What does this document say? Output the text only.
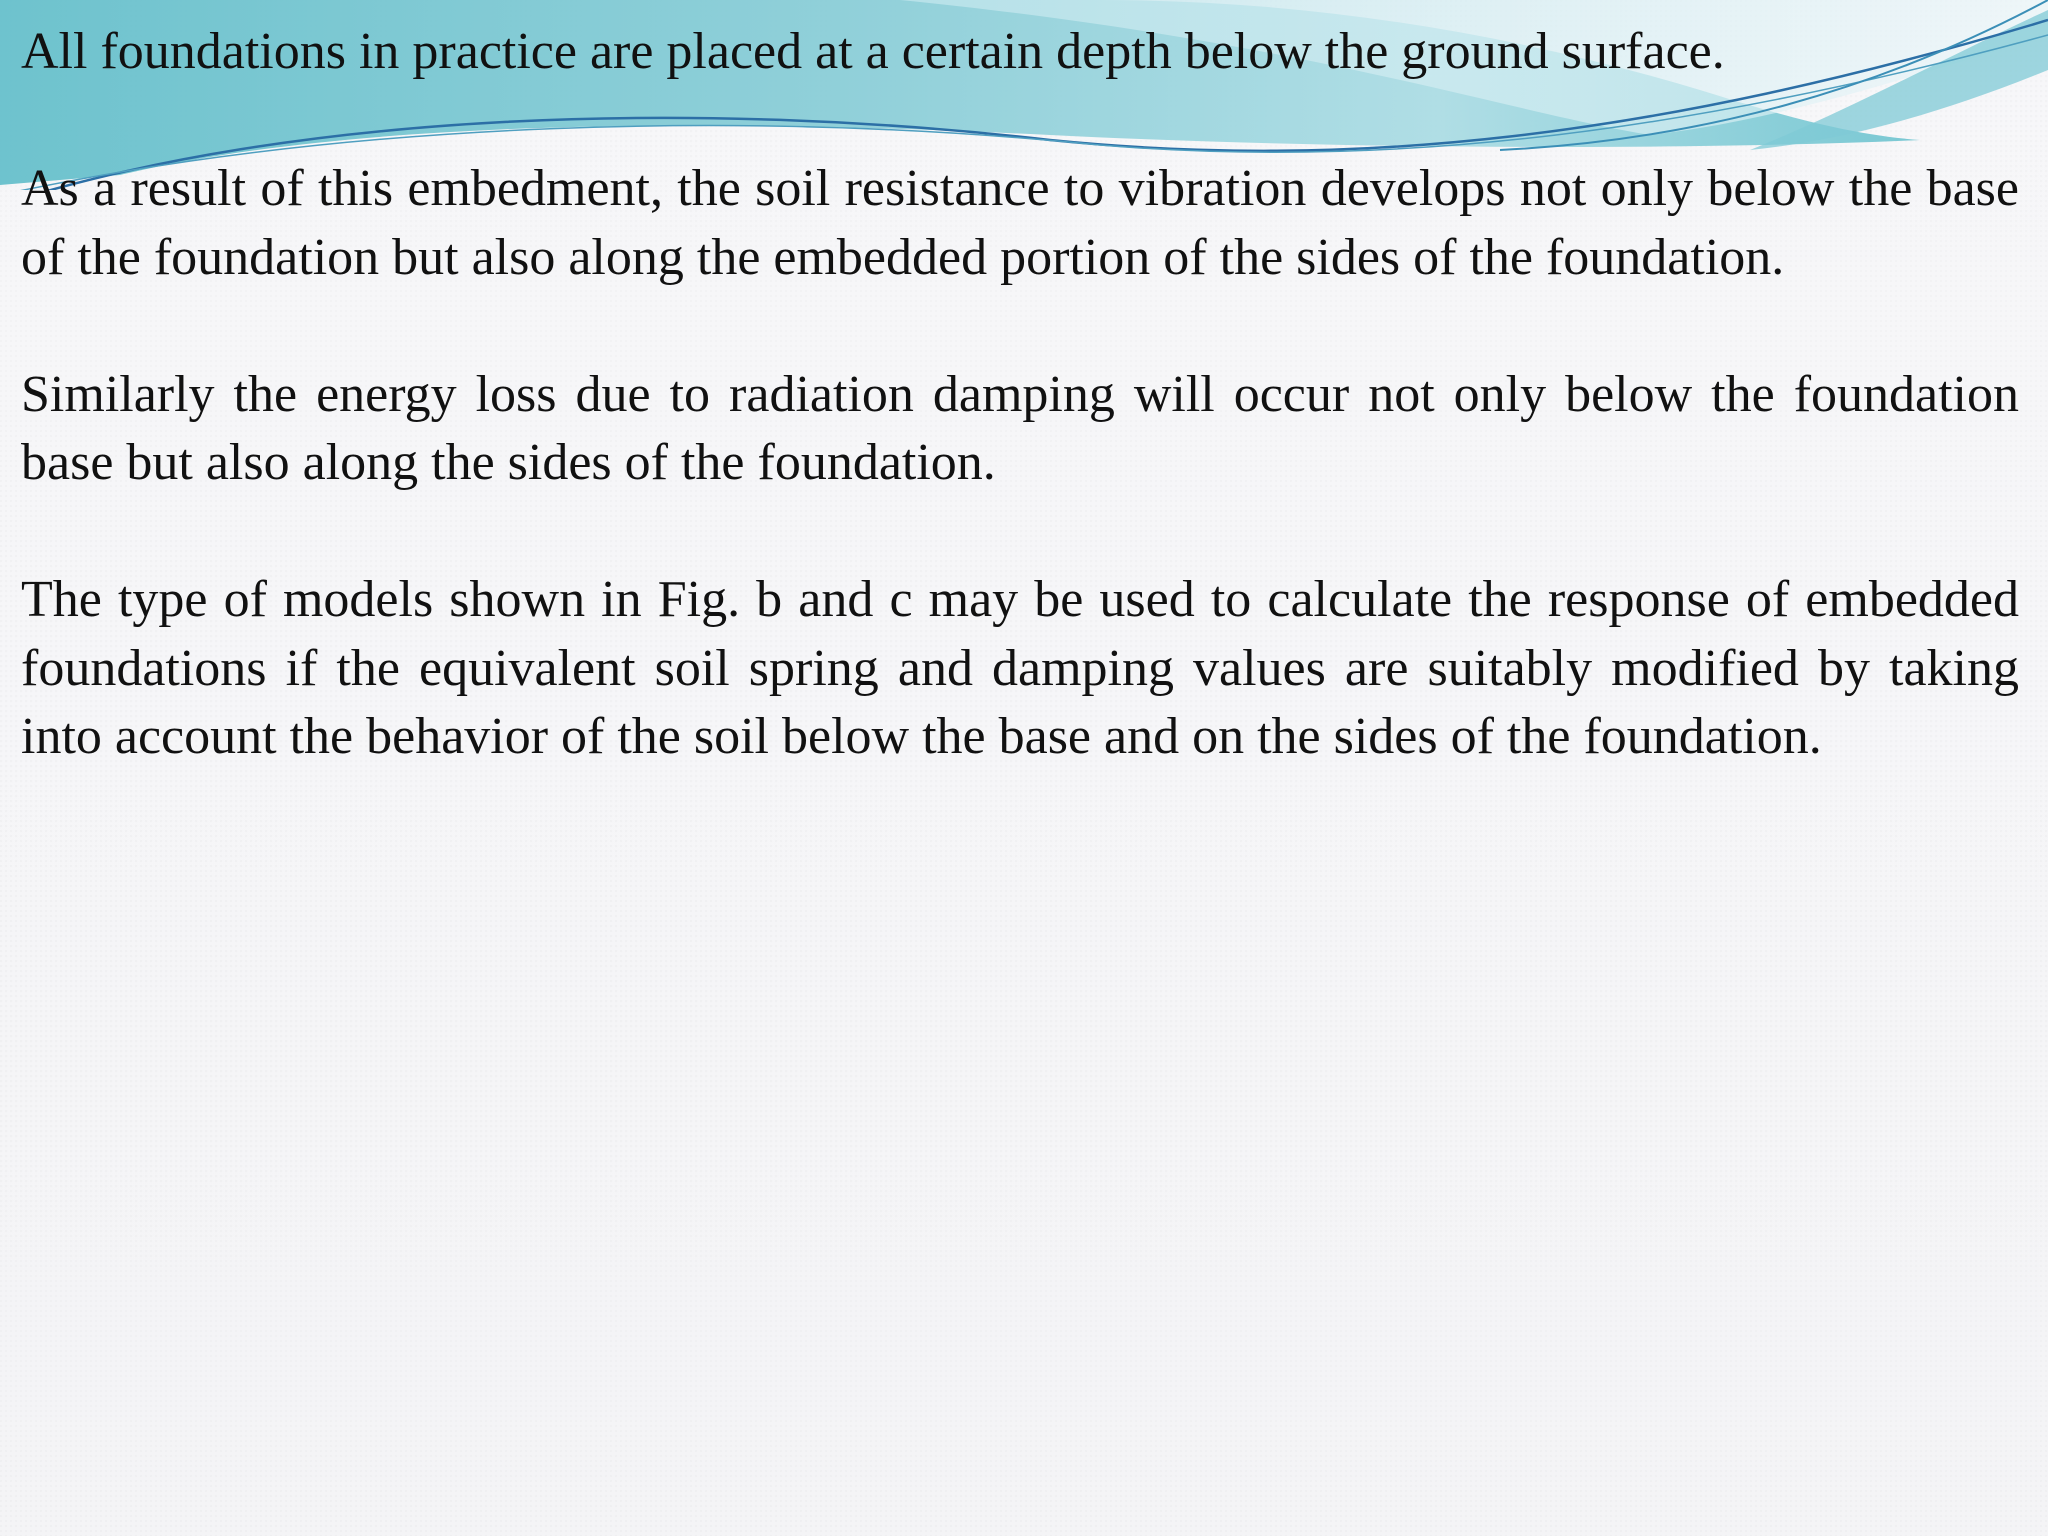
All foundations in practice are placed at a certain depth below the ground surface.

As a result of this embedment, the soil resistance to vibration develops not only below the base of the foundation but also along the embedded portion of the sides of the foundation.

Similarly the energy loss due to radiation damping will occur not only below the foundation base but also along the sides of the foundation.

The type of models shown in Fig. b and c may be used to calculate the response of embedded foundations if the equivalent soil spring and damping values are suitably modified by taking into account the behavior of the soil below the base and on the sides of the foundation.
